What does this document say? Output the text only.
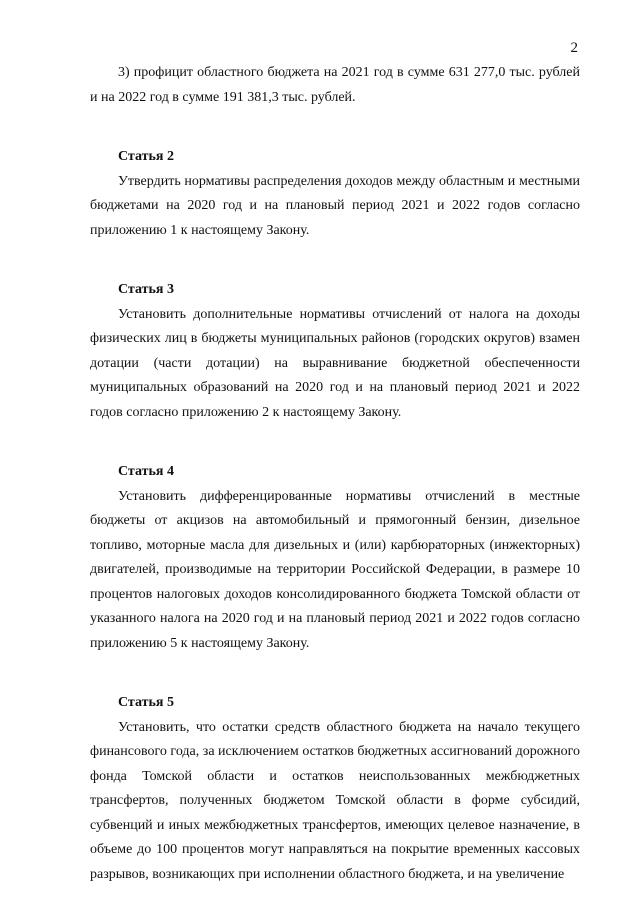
2

3) профицит областного бюджета на 2021 год в сумме 631 277,0 тыс. рублей и на 2022 год в сумме 191 381,3 тыс. рублей.

Статья 2

Утвердить нормативы распределения доходов между областным и местными бюджетами на 2020 год и на плановый период 2021 и 2022 годов согласно приложению 1 к настоящему Закону.

Статья 3

Установить дополнительные нормативы отчислений от налога на доходы физических лиц в бюджеты муниципальных районов (городских округов) взамен дотации (части дотации) на выравнивание бюджетной обеспеченности муниципальных образований на 2020 год и на плановый период 2021 и 2022 годов согласно приложению 2 к настоящему Закону.

Статья 4

Установить дифференцированные нормативы отчислений в местные бюджеты от акцизов на автомобильный и прямогонный бензин, дизельное топливо, моторные масла для дизельных и (или) карбюраторных (инжекторных) двигателей, производимые на территории Российской Федерации, в размере 10 процентов налоговых доходов консолидированного бюджета Томской области от указанного налога на 2020 год и на плановый период 2021 и 2022 годов согласно приложению 5 к настоящему Закону.

Статья 5

Установить, что остатки средств областного бюджета на начало текущего финансового года, за исключением остатков бюджетных ассигнований дорожного фонда Томской области и остатков неиспользованных межбюджетных трансфертов, полученных бюджетом Томской области в форме субсидий, субвенций и иных межбюджетных трансфертов, имеющих целевое назначение, в объеме до 100 процентов могут направляться на покрытие временных кассовых разрывов, возникающих при исполнении областного бюджета, и на увеличение
